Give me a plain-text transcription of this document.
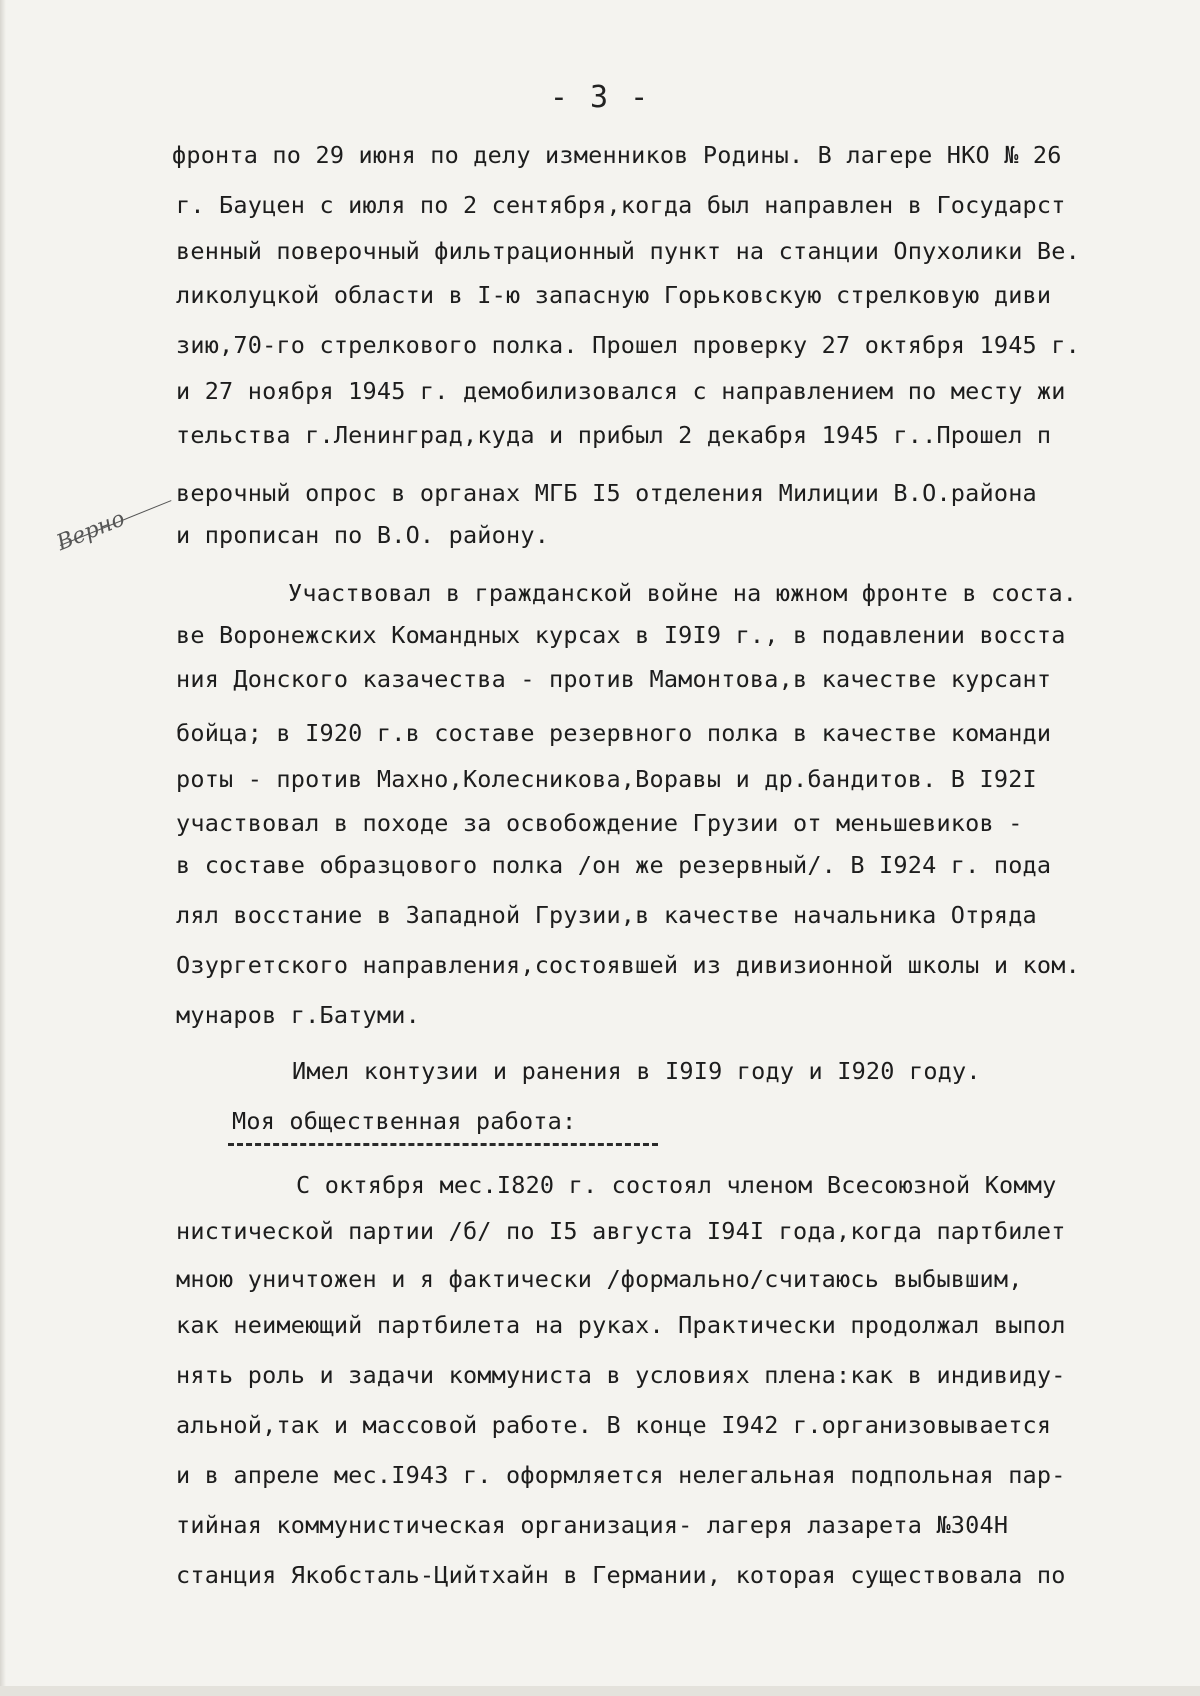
- 3 -
фронта по 29 июня по делу изменников Родины. В лагере НКО № 26
г. Бауцен с июля по 2 сентября,когда был направлен в Государст
венный поверочный фильтрационный пункт на станции Опухолики Ве.
ликолуцкой области в I-ю запасную Горьковскую стрелковую диви
зию,70-го стрелкового полка. Прошел проверку 27 октября 1945 г.
и 27 ноября 1945 г. демобилизовался с направлением по месту жи
тельства г.Ленинград,куда и прибыл 2 декабря 1945 г..Прошел п
верочный опрос в органах МГБ I5 отделения Милиции В.О.района
и прописан по В.О. району.
Участвовал в гражданской войне на южном фронте в соста.
ве Воронежских Командных курсах в I9I9 г., в подавлении восста
ния Донского казачества - против Мамонтова,в качестве курсант
бойца; в I920 г.в составе резервного полка в качестве команди
роты - против Махно,Колесникова,Воравы и др.бандитов. В I92I
участвовал в походе за освобождение Грузии от меньшевиков -
в составе образцового полка /он же резервный/. В I924 г. пода
лял восстание в Западной Грузии,в качестве начальника Отряда
Озургетского направления,состоявшей из дивизионной школы и ком.
мунаров г.Батуми.
Имел контузии и ранения в I9I9 году и I920 году.
Моя общественная работа:
С октября мес.I820 г. состоял членом Всесоюзной Комму
нистической партии /б/ по I5 августа I94I года,когда партбилет
мною уничтожен и я фактически /формально/считаюсь выбывшим,
как неимеющий партбилета на руках. Практически продолжал выпол
нять роль и задачи коммуниста в условиях плена:как в индивиду-
альной,так и массовой работе. В конце I942 г.организовывается
и в апреле мес.I943 г. оформляется нелегальная подпольная пар-
тийная коммунистическая организация- лагеря лазарета №304Н
станция Якобсталь-Цийтхайн в Германии, которая существовала по
Верно
